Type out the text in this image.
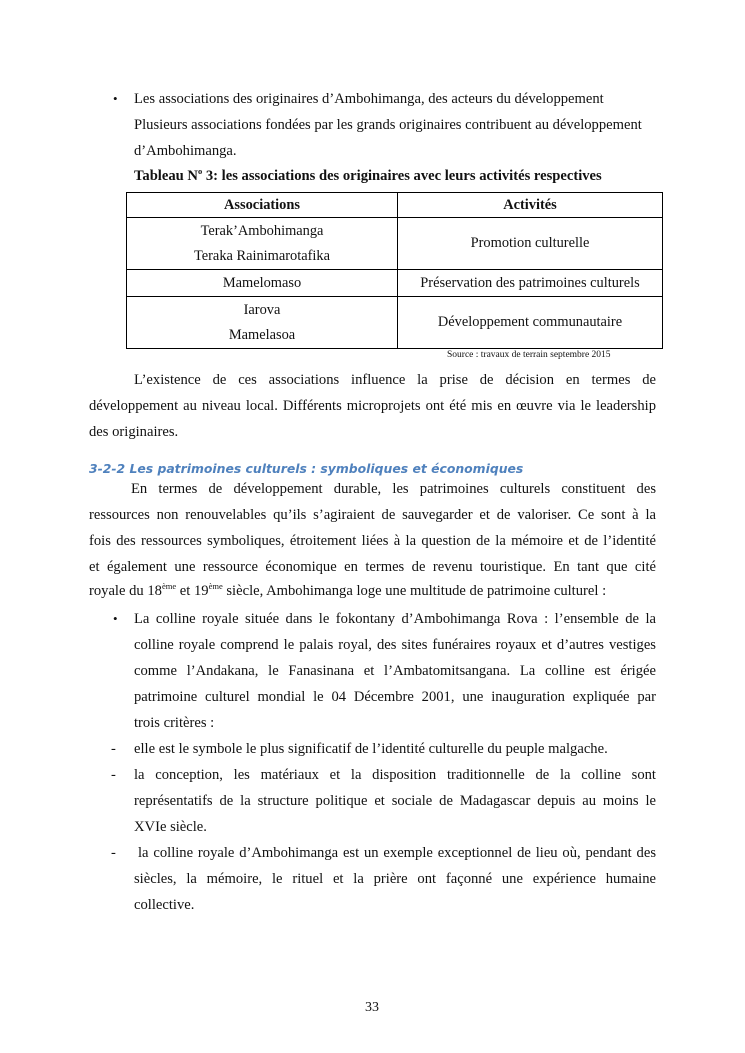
• Les associations des originaires d’Ambohimanga, des acteurs du développement
Plusieurs associations fondées par les grands originaires contribuent au développement
d’Ambohimanga.
Tableau $N^o$ 3: les associations des originaires avec leurs activités respectives
Associations	Activités

Terak’Ambohimanga
Teraka Rainimarotafika	Promotion culturelle
Mamelomaso	Préservation des patrimoines culturels

Iarova
Mamelasoa	Développement communautaire
Source : travaux de terrain septembre 2015
L’existence de ces associations influence la prise de décision en termes de
développement au niveau local. Différents microprojets ont été mis en œuvre via le leadership
des originaires.
3-2-2 Les patrimoines culturels : symboliques et économiques
En termes de développement durable, les patrimoines culturels constituent des
ressources non renouvelables qu’ils s’agiraient de sauvegarder et de valoriser. Ce sont à la
fois des ressources symboliques, étroitement liées à la question de la mémoire et de l’identité
et également une ressource économique en termes de revenu touristique. En tant que cité
royale du 18ème et 19ème siècle, Ambohimanga loge une multitude de patrimoine culturel :
• La colline royale située dans le fokontany d’Ambohimanga Rova : l’ensemble de la
colline royale comprend le palais royal, des sites funéraires royaux et d’autres vestiges
comme l’Andakana, le Fanasinana et l’Ambatomitsangana. La colline est érigée
patrimoine culturel mondial le 04 Décembre 2001, une inauguration expliquée par
trois critères :
- elle est le symbole le plus significatif de l’identité culturelle du peuple malgache.
- la conception, les matériaux et la disposition traditionnelle de la colline sont
représentatifs de la structure politique et sociale de Madagascar depuis au moins le
XVIe siècle.
- la colline royale d’Ambohimanga est un exemple exceptionnel de lieu où, pendant des
siècles, la mémoire, le rituel et la prière ont façonné une expérience humaine
collective.
33
